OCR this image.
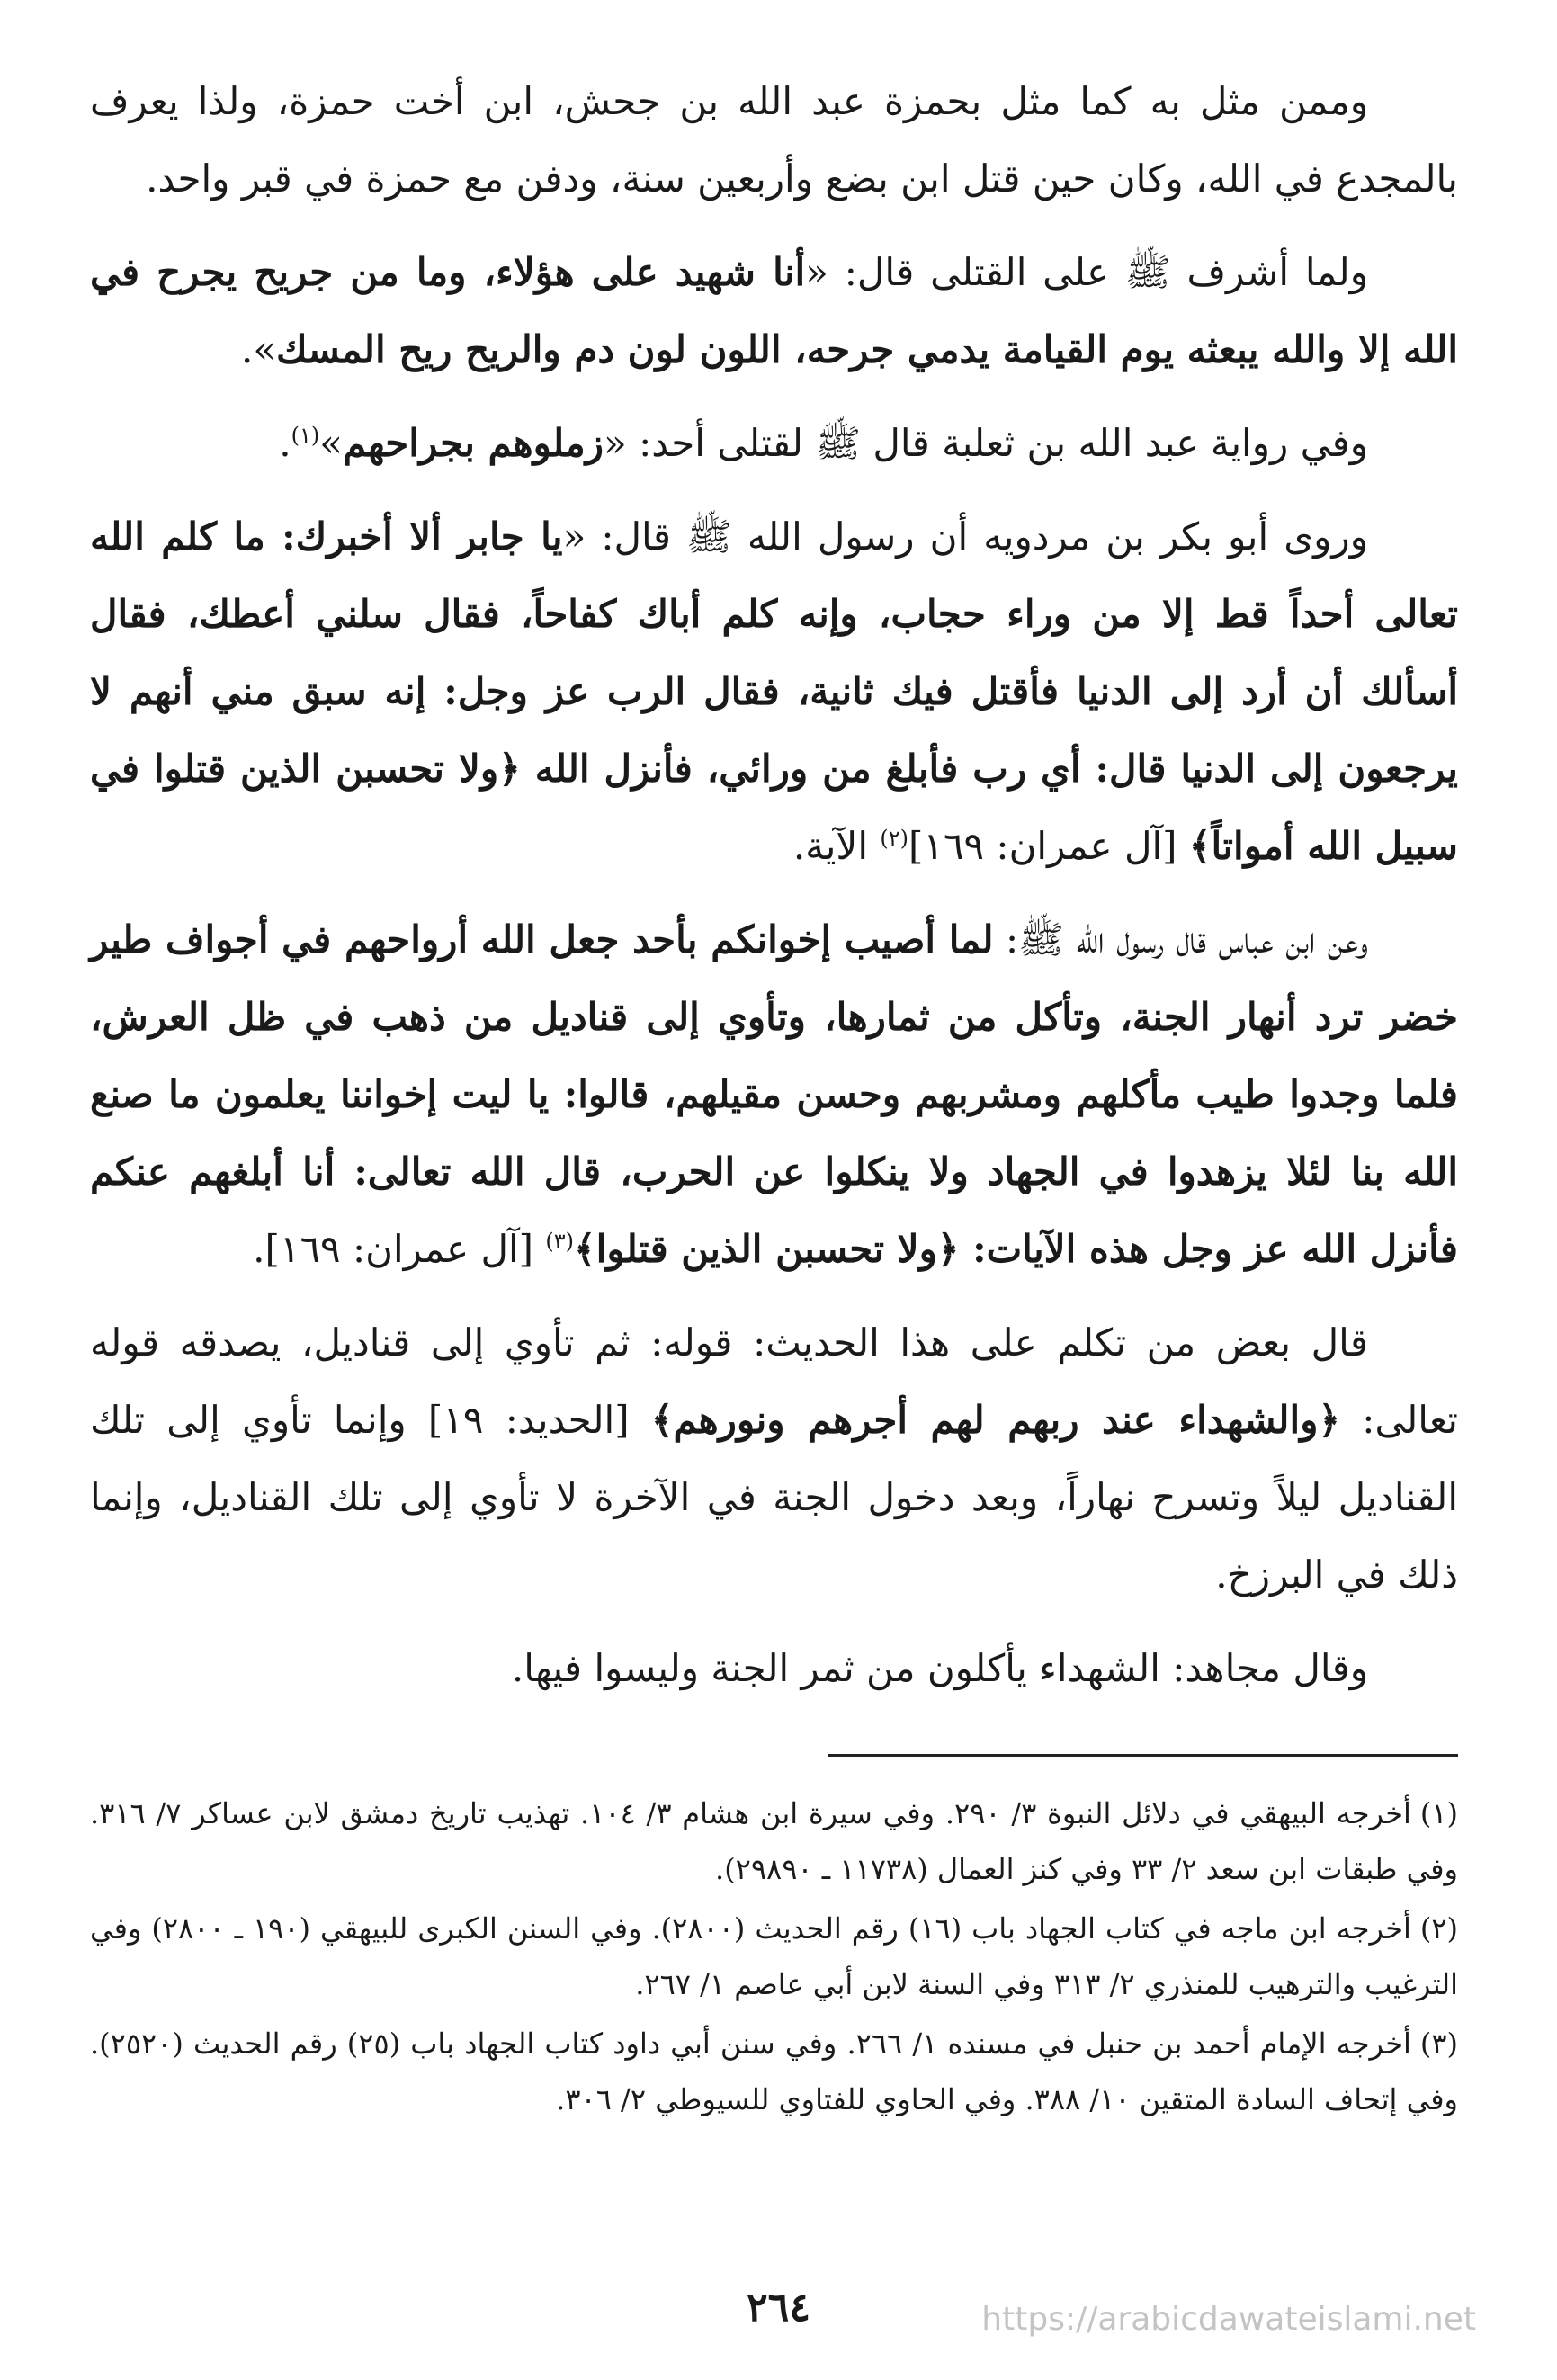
وممن مثل به كما مثل بحمزة عبد الله بن جحش، ابن أخت حمزة، ولذا يعرف بالمجدع في الله، وكان حين قتل ابن بضع وأربعين سنة، ودفن مع حمزة في قبر واحد.

ولما أشرف ﷺ على القتلى قال: «أنا شهيد على هؤلاء، وما من جريح يجرح في الله إلا والله يبعثه يوم القيامة يدمي جرحه، اللون لون دم والريح ريح المسك».

وفي رواية عبد الله بن ثعلبة قال ﷺ لقتلى أحد: «زملوهم بجراحهم»$^{(١)}$.

وروى أبو بكر بن مردويه أن رسول الله ﷺ قال: «يا جابر ألا أخبرك: ما كلم الله تعالى أحداً قط إلا من وراء حجاب، وإنه كلم أباك كفاحاً، فقال سلني أعطك، فقال أسألك أن أرد إلى الدنيا فأقتل فيك ثانية، فقال الرب عز وجل: إنه سبق مني أنهم لا يرجعون إلى الدنيا قال: أي رب فأبلغ من ورائي، فأنزل الله ﴿ولا تحسبن الذين قتلوا في سبيل الله أمواتاً﴾ [آل عمران: ١٦٩]$^{(٢)}$ الآية.

وعن ابن عباس قال رسول الله ﷺ: لما أصيب إخوانكم بأحد جعل الله أرواحهم في أجواف طير خضر ترد أنهار الجنة، وتأكل من ثمارها، وتأوي إلى قناديل من ذهب في ظل العرش، فلما وجدوا طيب مأكلهم ومشربهم وحسن مقيلهم، قالوا: يا ليت إخواننا يعلمون ما صنع الله بنا لئلا يزهدوا في الجهاد ولا ينكلوا عن الحرب، قال الله تعالى: أنا أبلغهم عنكم فأنزل الله عز وجل هذه الآيات: ﴿ولا تحسبن الذين قتلوا﴾$^{(٣)}$ [آل عمران: ١٦٩].

قال بعض من تكلم على هذا الحديث: قوله: ثم تأوي إلى قناديل، يصدقه قوله تعالى: ﴿والشهداء عند ربهم لهم أجرهم ونورهم﴾ [الحديد: ١٩] وإنما تأوي إلى تلك القناديل ليلاً وتسرح نهاراً، وبعد دخول الجنة في الآخرة لا تأوي إلى تلك القناديل، وإنما ذلك في البرزخ.

وقال مجاهد: الشهداء يأكلون من ثمر الجنة وليسوا فيها.

(١)أخرجه البيهقي في دلائل النبوة ٣/ ٢٩٠. وفي سيرة ابن هشام ٣/ ١٠٤. تهذيب تاريخ دمشق لابن عساكر ٧/ ٣١٦. وفي طبقات ابن سعد ٢/ ٣٣ وفي كنز العمال (١١٧٣٨ ـ ٢٩٨٩٠).

(٢)أخرجه ابن ماجه في كتاب الجهاد باب (١٦) رقم الحديث (٢٨٠٠). وفي السنن الكبرى للبيهقي (١٩٠ ـ ٢٨٠٠) وفي الترغيب والترهيب للمنذري ٢/ ٣١٣ وفي السنة لابن أبي عاصم ١/ ٢٦٧.

(٣)أخرجه الإمام أحمد بن حنبل في مسنده ١/ ٢٦٦. وفي سنن أبي داود كتاب الجهاد باب (٢٥) رقم الحديث (٢٥٢٠). وفي إتحاف السادة المتقين ١٠/ ٣٨٨. وفي الحاوي للفتاوي للسيوطي ٢/ ٣٠٦.

٢٦٤	https://arabicdawateislami.net
